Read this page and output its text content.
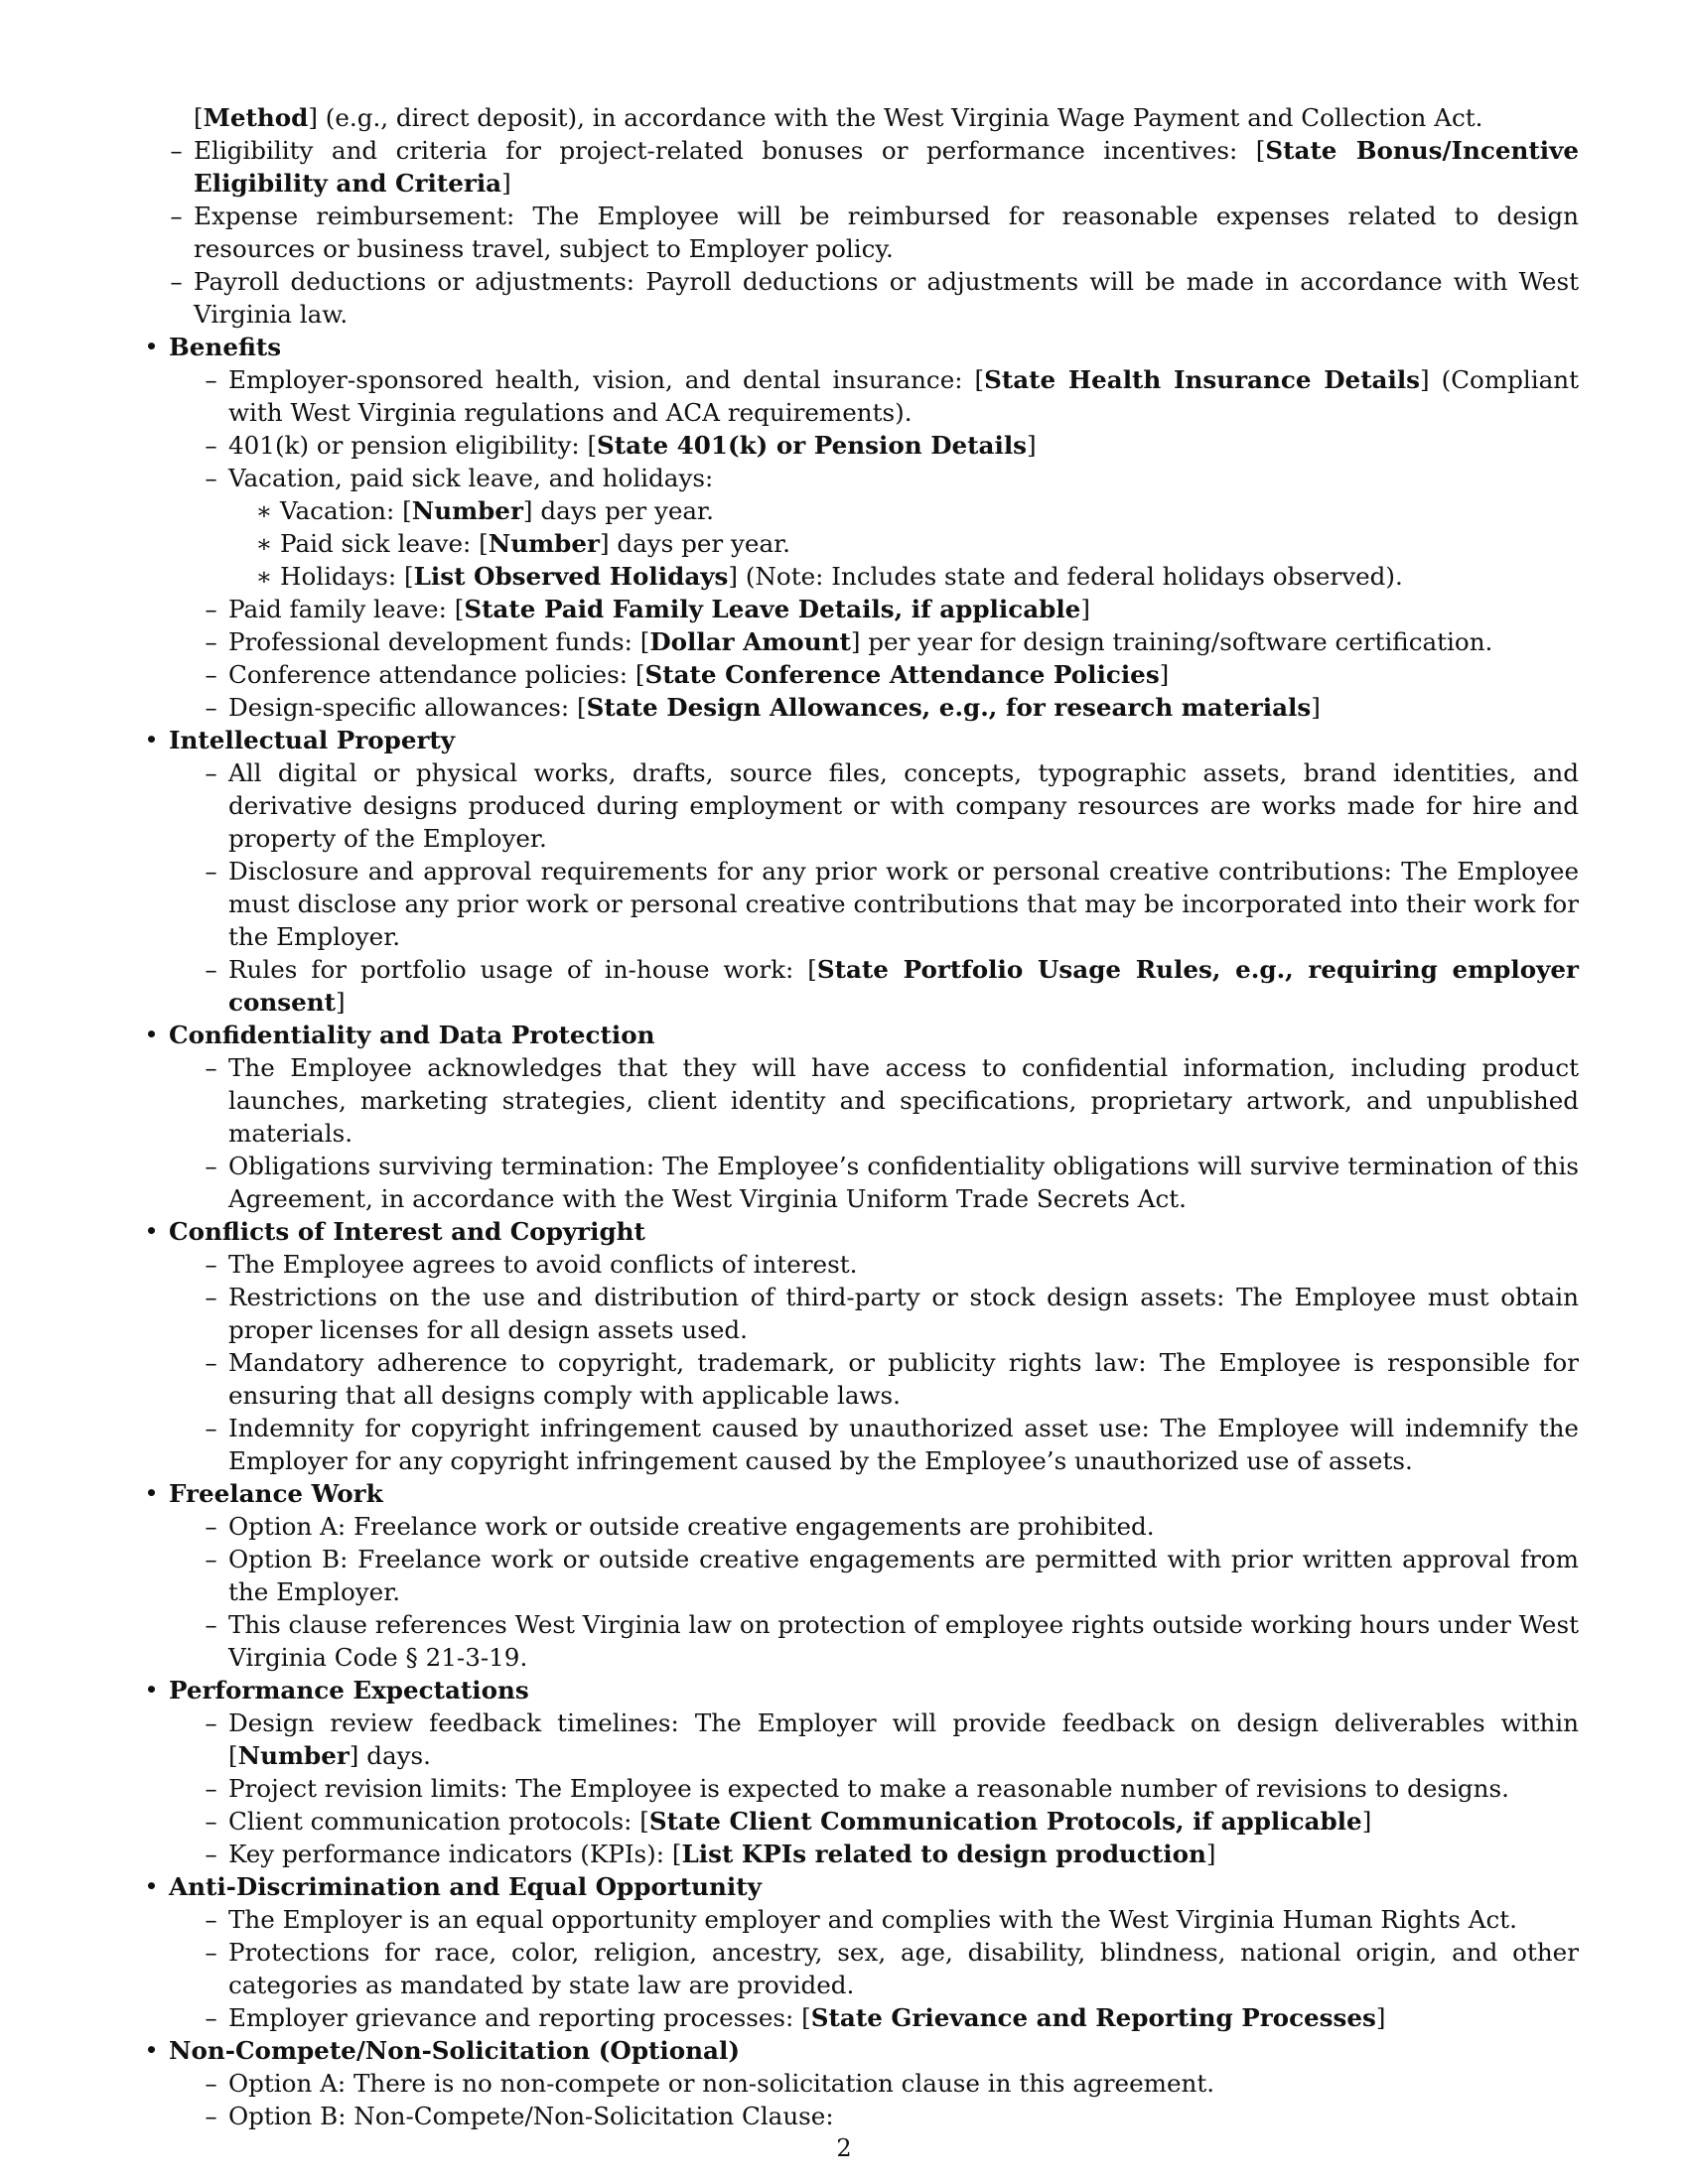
[Method] (e.g., direct deposit), in accordance with the West Virginia Wage Payment and Collection Act.
– Eligibility and criteria for project-related bonuses or performance incentives: [State Bonus/Incentive Eligibility and Criteria]
– Expense reimbursement: The Employee will be reimbursed for reasonable expenses related to design resources or business travel, subject to Employer policy.
– Payroll deductions or adjustments: Payroll deductions or adjustments will be made in accordance with West Virginia law.
• Benefits
– Employer-sponsored health, vision, and dental insurance: [State Health Insurance Details] (Compliant with West Virginia regulations and ACA requirements).
– 401(k) or pension eligibility: [State 401(k) or Pension Details]
– Vacation, paid sick leave, and holidays:
∗ Vacation: [Number] days per year.
∗ Paid sick leave: [Number] days per year.
∗ Holidays: [List Observed Holidays] (Note: Includes state and federal holidays observed).
– Paid family leave: [State Paid Family Leave Details, if applicable]
– Professional development funds: [Dollar Amount] per year for design training/software certification.
– Conference attendance policies: [State Conference Attendance Policies]
– Design-specific allowances: [State Design Allowances, e.g., for research materials]
• Intellectual Property
– All digital or physical works, drafts, source files, concepts, typographic assets, brand identities, and derivative designs produced during employment or with company resources are works made for hire and property of the Employer.
– Disclosure and approval requirements for any prior work or personal creative contributions: The Employee must disclose any prior work or personal creative contributions that may be incorporated into their work for the Employer.
– Rules for portfolio usage of in-house work: [State Portfolio Usage Rules, e.g., requiring employer consent]
• Confidentiality and Data Protection
– The Employee acknowledges that they will have access to confidential information, including product launches, marketing strategies, client identity and specifications, proprietary artwork, and unpublished materials.
– Obligations surviving termination: The Employee’s confidentiality obligations will survive termination of this Agreement, in accordance with the West Virginia Uniform Trade Secrets Act.
• Conflicts of Interest and Copyright
– The Employee agrees to avoid conflicts of interest.
– Restrictions on the use and distribution of third-party or stock design assets: The Employee must obtain proper licenses for all design assets used.
– Mandatory adherence to copyright, trademark, or publicity rights law: The Employee is responsible for ensuring that all designs comply with applicable laws.
– Indemnity for copyright infringement caused by unauthorized asset use: The Employee will indemnify the Employer for any copyright infringement caused by the Employee’s unauthorized use of assets.
• Freelance Work
– Option A: Freelance work or outside creative engagements are prohibited.
– Option B: Freelance work or outside creative engagements are permitted with prior written approval from the Employer.
– This clause references West Virginia law on protection of employee rights outside working hours under West Virginia Code § 21-3-19.
• Performance Expectations
– Design review feedback timelines: The Employer will provide feedback on design deliverables within [Number] days.
– Project revision limits: The Employee is expected to make a reasonable number of revisions to designs.
– Client communication protocols: [State Client Communication Protocols, if applicable]
– Key performance indicators (KPIs): [List KPIs related to design production]
• Anti-Discrimination and Equal Opportunity
– The Employer is an equal opportunity employer and complies with the West Virginia Human Rights Act.
– Protections for race, color, religion, ancestry, sex, age, disability, blindness, national origin, and other categories as mandated by state law are provided.
– Employer grievance and reporting processes: [State Grievance and Reporting Processes]
• Non-Compete/Non-Solicitation (Optional)
– Option A: There is no non-compete or non-solicitation clause in this agreement.
– Option B: Non-Compete/Non-Solicitation Clause:
2
